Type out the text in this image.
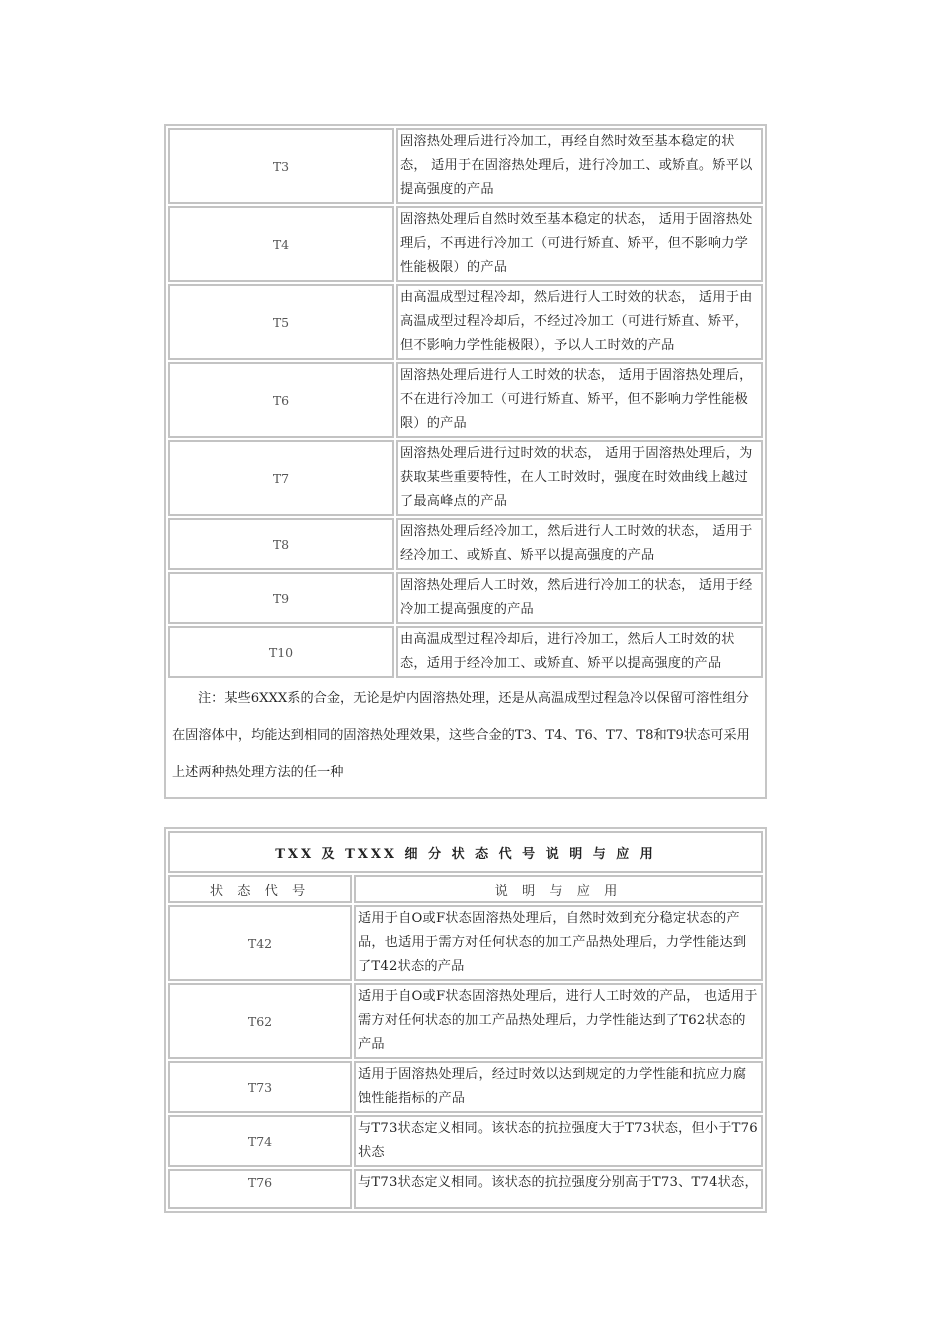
T3	固溶热处理后进行冷加工，再经自然时效至基本稳定的状态， 适用于在固溶热处理后，进行冷加工、或矫直。矫平以提高强度的产品
T4	固溶热处理后自然时效至基本稳定的状态， 适用于固溶热处理后，不再进行冷加工（可进行矫直、矫平，但不影响力学性能极限）的产品
T5	由高温成型过程冷却，然后进行人工时效的状态， 适用于由高温成型过程冷却后，不经过冷加工（可进行矫直、矫平，但不影响力学性能极限），予以人工时效的产品
T6	固溶热处理后进行人工时效的状态， 适用于固溶热处理后，不在进行冷加工（可进行矫直、矫平，但不影响力学性能极限）的产品
T7	固溶热处理后进行过时效的状态， 适用于固溶热处理后，为获取某些重要特性，在人工时效时，强度在时效曲线上越过了最高峰点的产品
T8	固溶热处理后经冷加工，然后进行人工时效的状态， 适用于经冷加工、或矫直、矫平以提高强度的产品
T9	固溶热处理后人工时效，然后进行冷加工的状态， 适用于经冷加工提高强度的产品
T10	由高温成型过程冷却后，进行冷加工，然后人工时效的状态，适用于经冷加工、或矫直、矫平以提高强度的产品
注：某些6XXX系的合金，无论是炉内固溶热处理，还是从高温成型过程急冷以保留可溶性组分在固溶体中，均能达到相同的固溶热处理效果，这些合金的T3、T4、T6、T7、T8和T9状态可采用上述两种热处理方法的任一种	
TXX 及 TXXX 细 分 状 态 代 号 说 明 与 应 用	
状 态 代 号	说 明 与 应 用
T42	适用于自O或F状态固溶热处理后，自然时效到充分稳定状态的产品，也适用于需方对任何状态的加工产品热处理后，力学性能达到了T42状态的产品
T62	适用于自O或F状态固溶热处理后，进行人工时效的产品， 也适用于需方对任何状态的加工产品热处理后，力学性能达到了T62状态的产品
T73	适用于固溶热处理后，经过时效以达到规定的力学性能和抗应力腐蚀性能指标的产品
T74	与T73状态定义相同。该状态的抗拉强度大于T73状态，但小于T76状态
T76	与T73状态定义相同。该状态的抗拉强度分别高于T73、T74状态，
